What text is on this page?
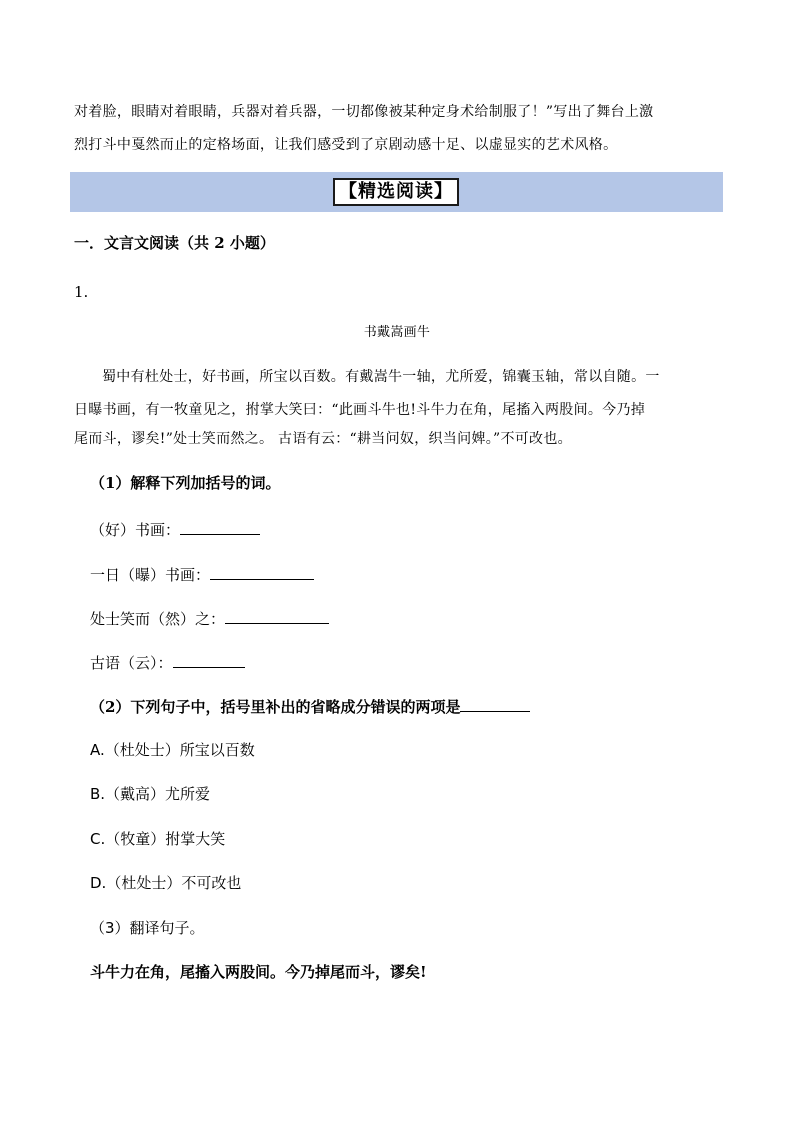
对着脸，眼睛对着眼睛，兵器对着兵器，一切都像被某种定身术给制服了！”写出了舞台上激
烈打斗中戛然而止的定格场面，让我们感受到了京剧动感十足、以虚显实的艺术风格。
【精选阅读】
一．文言文阅读（共 2 小题）
1.
书戴嵩画牛
蜀中有杜处士，好书画，所宝以百数。有戴嵩牛一轴，尤所爱，锦囊玉轴，常以自随。一
日曝书画，有一牧童见之，拊掌大笑曰：“此画斗牛也!斗牛力在角，尾搐入两股间。今乃掉
尾而斗，谬矣!”处士笑而然之。 古语有云：“耕当问奴，织当问婢。”不可改也。
（1）解释下列加括号的词。
（好）书画：
一日（曝）书画：
处士笑而（然）之：
古语（云）：
（2）下列句子中，括号里补出的省略成分错误的两项是
A.（杜处士）所宝以百数
B.（戴高）尤所爱
C.（牧童）拊掌大笑
D.（杜处士）不可改也
（3）翻译句子。
斗牛力在角，尾搐入两股间。今乃掉尾而斗，谬矣!
